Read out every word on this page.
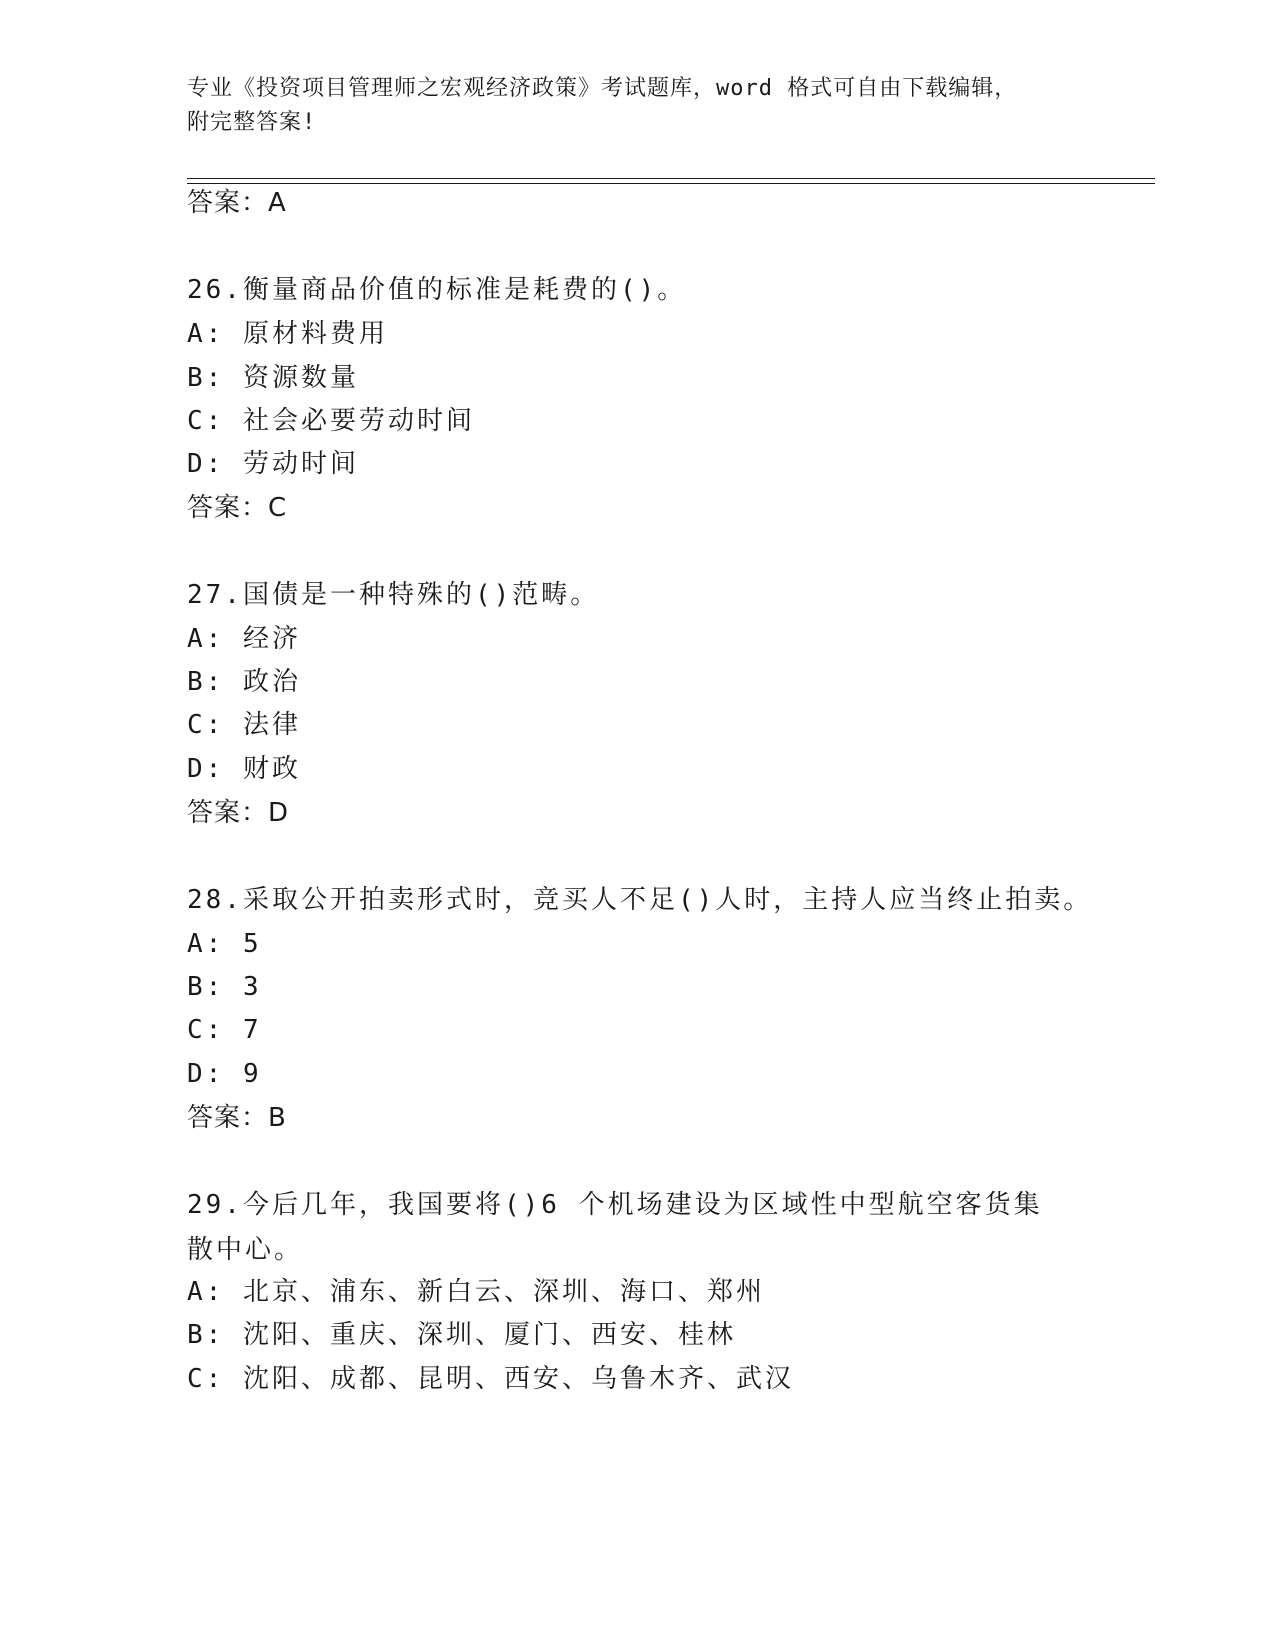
专业《投资项目管理师之宏观经济政策》考试题库，word 格式可自由下载编辑，
附完整答案!
答案：A
26.衡量商品价值的标准是耗费的()。
A: 原材料费用
B: 资源数量
C: 社会必要劳动时间
D: 劳动时间
答案：C
27.国债是一种特殊的()范畴。
A: 经济
B: 政治
C: 法律
D: 财政
答案：D
28.采取公开拍卖形式时，竞买人不足()人时，主持人应当终止拍卖。
A: 5
B: 3
C: 7
D: 9
答案：B
29.今后几年，我国要将()6 个机场建设为区域性中型航空客货集散中心。
A: 北京、浦东、新白云、深圳、海口、郑州
B: 沈阳、重庆、深圳、厦门、西安、桂林
C: 沈阳、成都、昆明、西安、乌鲁木齐、武汉
